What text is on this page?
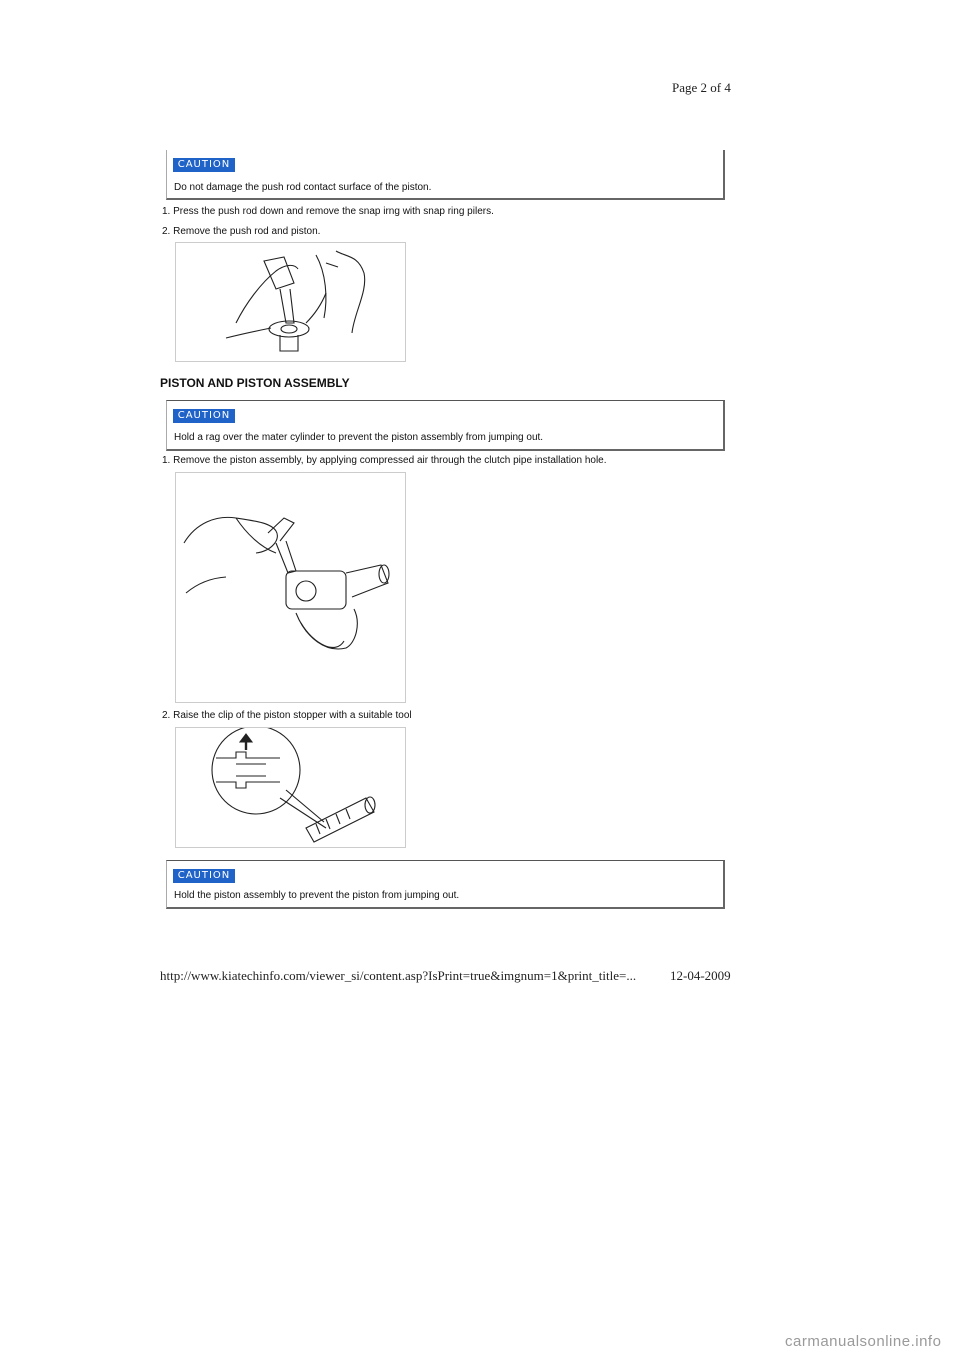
Page 2 of 4
CAUTION
Do not damage the push rod contact surface of the piston.
1. Press the push rod down and remove the snap irng with snap ring pilers.
2. Remove the push rod and piston.
PISTON AND PISTON ASSEMBLY
CAUTION
Hold a rag over the mater cylinder to prevent the piston assembly from jumping out.
1. Remove the piston assembly, by applying compressed air through the clutch pipe installation hole.
2. Raise the clip of the piston stopper with a suitable tool
CAUTION
Hold the piston assembly to prevent the piston from jumping out.
http://www.kiatechinfo.com/viewer_si/content.asp?IsPrint=true&imgnum=1&print_title=...	12-04-2009
carmanualsonline.info
